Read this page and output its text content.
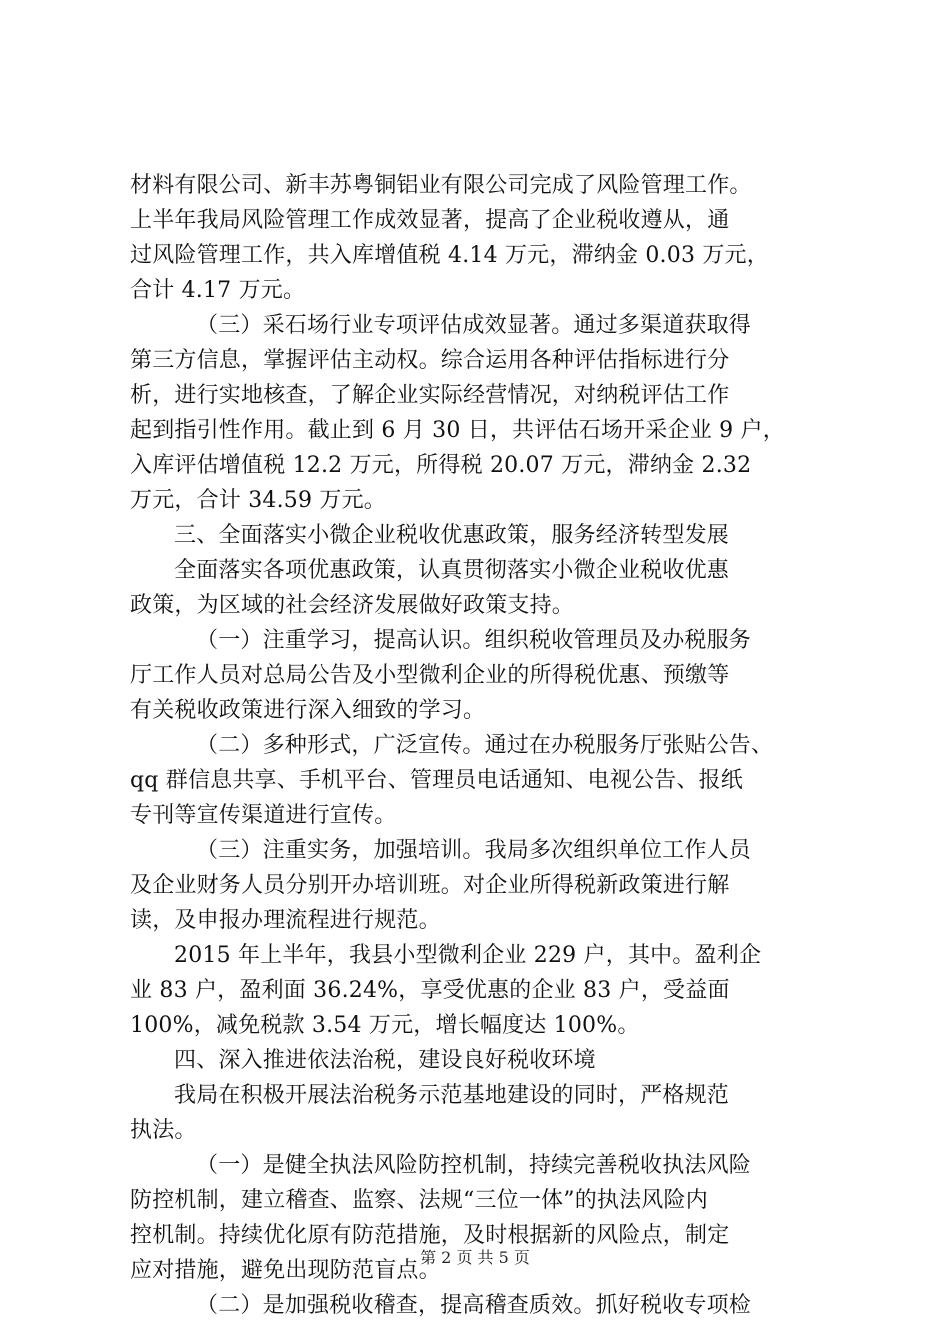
材料有限公司、新丰苏粤铜铝业有限公司完成了风险管理工作。
上半年我局风险管理工作成效显著，提高了企业税收遵从，通
过风险管理工作，共入库增值税 4.14 万元，滞纳金 0.03 万元，
合计 4.17 万元。
（三）采石场行业专项评估成效显著。通过多渠道获取得
第三方信息，掌握评估主动权。综合运用各种评估指标进行分
析，进行实地核查，了解企业实际经营情况，对纳税评估工作
起到指引性作用。截止到 6 月 30 日，共评估石场开采企业 9 户，
入库评估增值税 12.2 万元，所得税 20.07 万元，滞纳金 2.32
万元，合计 34.59 万元。
三、全面落实小微企业税收优惠政策，服务经济转型发展
全面落实各项优惠政策，认真贯彻落实小微企业税收优惠
政策，为区域的社会经济发展做好政策支持。
（一）注重学习，提高认识。组织税收管理员及办税服务
厅工作人员对总局公告及小型微利企业的所得税优惠、预缴等
有关税收政策进行深入细致的学习。
（二）多种形式，广泛宣传。通过在办税服务厅张贴公告、
qq 群信息共享、手机平台、管理员电话通知、电视公告、报纸
专刊等宣传渠道进行宣传。
（三）注重实务，加强培训。我局多次组织单位工作人员
及企业财务人员分别开办培训班。对企业所得税新政策进行解
读，及申报办理流程进行规范。
2015 年上半年，我县小型微利企业 229 户，其中。盈利企
业 83 户，盈利面 36.24%，享受优惠的企业 83 户，受益面
100%，减免税款 3.54 万元，增长幅度达 100%。
四、深入推进依法治税，建设良好税收环境
我局在积极开展法治税务示范基地建设的同时，严格规范
执法。
（一）是健全执法风险防控机制，持续完善税收执法风险
防控机制，建立稽查、监察、法规“三位一体”的执法风险内
控机制。持续优化原有防范措施，及时根据新的风险点，制定
应对措施，避免出现防范盲点。
（二）是加强税收稽查，提高稽查质效。抓好税收专项检
第 2 页 共 5 页
